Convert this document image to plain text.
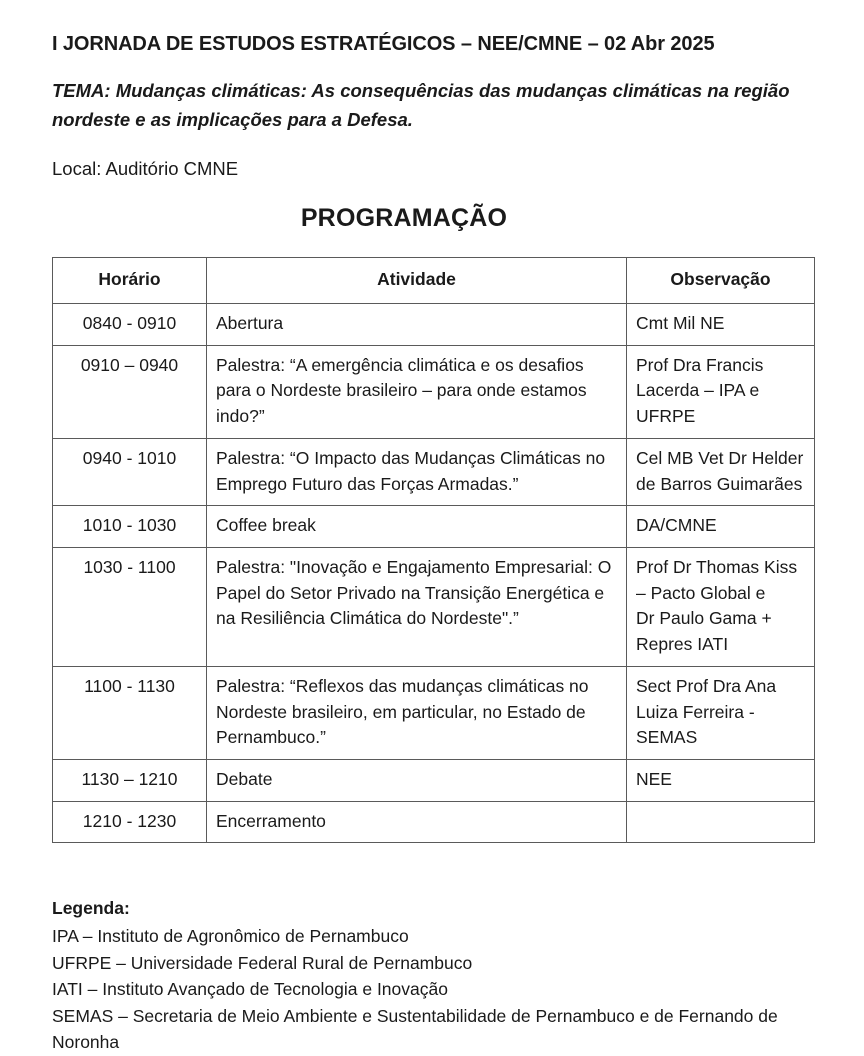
I JORNADA DE ESTUDOS ESTRATÉGICOS – NEE/CMNE – 02 Abr 2025

TEMA: Mudanças climáticas: As consequências das mudanças climáticas na região nordeste e as implicações para a Defesa.

Local: Auditório CMNE

PROGRAMAÇÃO
Horário	Atividade	Observação
0840 - 0910	Abertura	Cmt Mil NE
0910 – 0940	Palestra: “A emergência climática e os desafios para o Nordeste brasileiro – para onde estamos indo?”	Prof Dra Francis Lacerda – IPA e UFRPE
0940 - 1010	Palestra: “O Impacto das Mudanças Climáticas no Emprego Futuro das Forças Armadas.”	Cel MB Vet Dr Helder de Barros Guimarães
1010 - 1030	Coffee break	DA/CMNE
1030 - 1100	Palestra: "Inovação e Engajamento Empresarial: O Papel do Setor Privado na Transição Energética e na Resiliência Climática do Nordeste".”	Prof Dr Thomas Kiss – Pacto Global e
Dr Paulo Gama + Repres IATI

1100 - 1130	Palestra: “Reflexos das mudanças climáticas no Nordeste brasileiro, em particular, no Estado de Pernambuco.”	Sect Prof Dra Ana Luiza Ferreira - SEMAS
1130 – 1210	Debate	NEE
1210 - 1230	Encerramento	

Legenda:

IPA – Instituto de Agronômico de Pernambuco

UFRPE – Universidade Federal Rural de Pernambuco

IATI – Instituto Avançado de Tecnologia e Inovação

SEMAS – Secretaria de Meio Ambiente e Sustentabilidade de Pernambuco e de Fernando de Noronha
